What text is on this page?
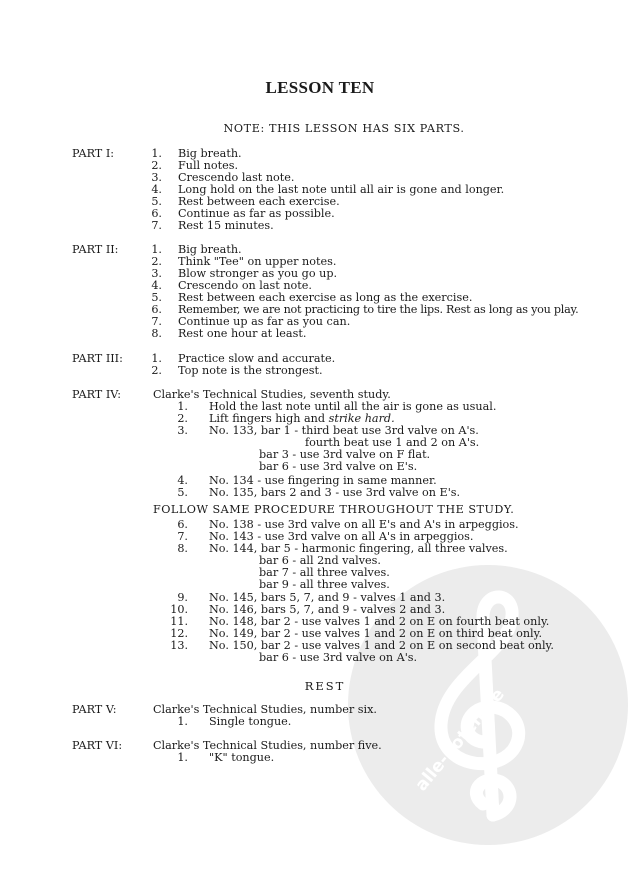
alle-noten.de
LESSON TEN
NOTE: THIS LESSON HAS SIX PARTS.
PART I:	1. Big breath.
2. Full notes.
3. Crescendo last note.
4. Long hold on the last note until all air is gone and longer.
5. Rest between each exercise.
6. Continue as far as possible.
7. Rest 15 minutes.
PART II:	1. Big breath.
2. Think "Tee" on upper notes.
3. Blow stronger as you go up.
4. Crescendo on last note.
5. Rest between each exercise as long as the exercise.
6. Remember, we are not practicing to tire the lips. Rest as long as you play.
7. Continue up as far as you can.
8. Rest one hour at least.
PART III:	1. Practice slow and accurate.
2. Top note is the strongest.
PART IV:	Clarke's Technical Studies, seventh study.
1. Hold the last note until all the air is gone as usual.
2. Lift fingers high and strike hard.
3. No. 133, bar 1 - third beat use 3rd valve on A's.
fourth beat use 1 and 2 on A's.
bar 3 - use 3rd valve on F flat.
bar 6 - use 3rd valve on E's.
4. No. 134 - use fingering in same manner.
5. No. 135, bars 2 and 3 - use 3rd valve on E's.
FOLLOW SAME PROCEDURE THROUGHOUT THE STUDY.
6. No. 138 - use 3rd valve on all E's and A's in arpeggios.
7. No. 143 - use 3rd valve on all A's in arpeggios.
8. No. 144, bar 5 - harmonic fingering, all three valves.
bar 6 - all 2nd valves.
bar 7 - all three valves.
bar 9 - all three valves.
9. No. 145, bars 5, 7, and 9 - valves 1 and 3.
10. No. 146, bars 5, 7, and 9 - valves 2 and 3.
11. No. 148, bar 2 - use valves 1 and 2 on E on fourth beat only.
12. No. 149, bar 2 - use valves 1 and 2 on E on third beat only.
13. No. 150, bar 2 - use valves 1 and 2 on E on second beat only.
bar 6 - use 3rd valve on A's.
REST
PART V:	Clarke's Technical Studies, number six.
1. Single tongue.
PART VI:	Clarke's Technical Studies, number five.
1. "K" tongue.
